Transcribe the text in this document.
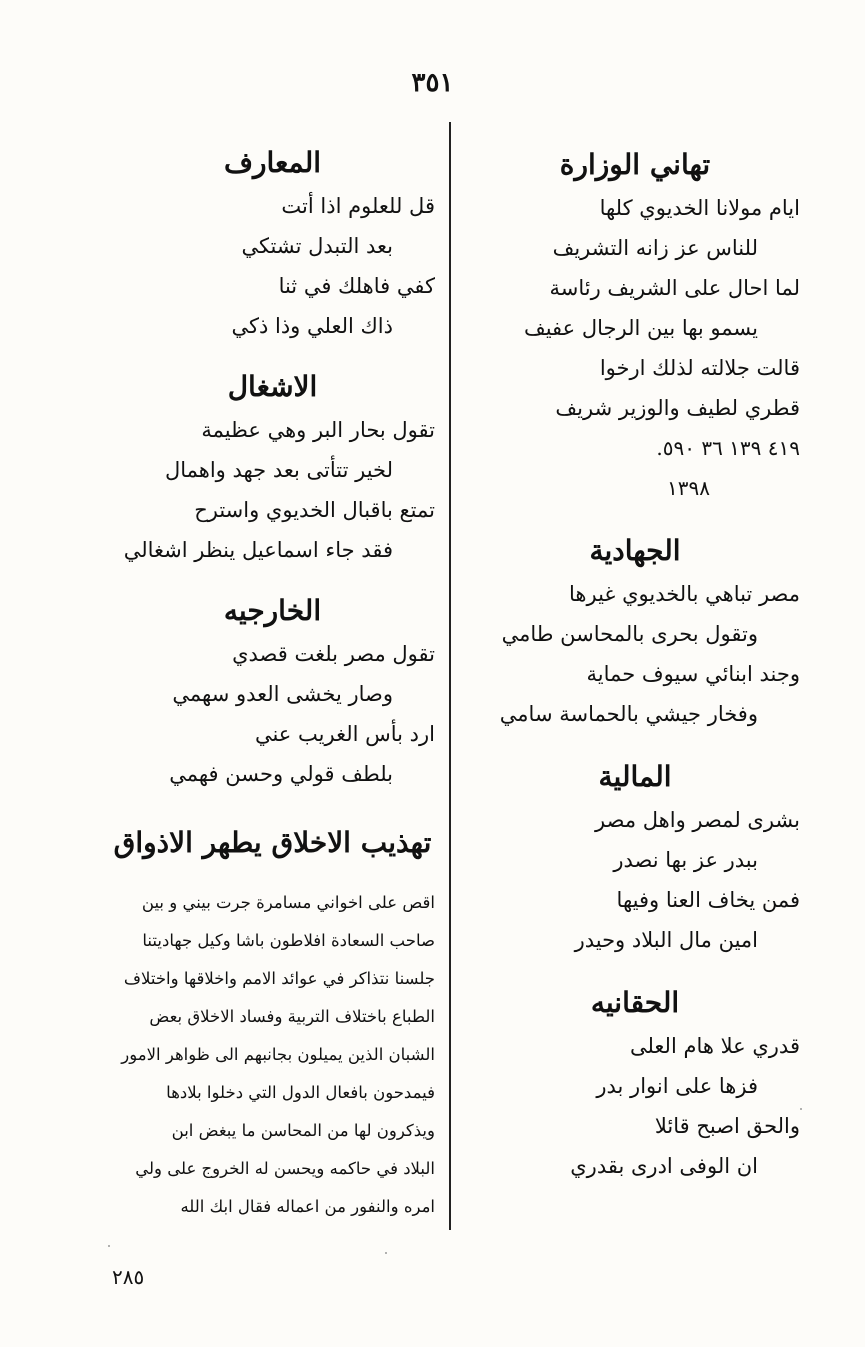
٣٥١
تهاني الوزارة
ايام مولانا الخديوي كلها
للناس عز زانه التشريف
لما احال على الشريف رئاسة
يسمو بها بين الرجال عفيف
قالت جلالته لذلك ارخوا
قطري لطيف والوزير شريف
٤١٩ ١٣٩ ٣٦ ٥٩٠.
١٣٩٨
الجهادية
مصر تباهي بالخديوي غيرها
وتقول بحرى بالمحاسن طامي
وجند ابنائي سيوف حماية
وفخار جيشي بالحماسة سامي
المالية
بشرى لمصر واهل مصر
ببدر عز بها نصدر
فمن يخاف العنا وفيها
امين مال البلاد وحيدر
الحقانيه
قدري علا هام العلى
فزها على انوار بدر
والحق اصبح قائلا
ان الوفى ادرى بقدري
المعارف
قل للعلوم اذا أتت
بعد التبدل تشتكي
كفي فاهلك في ثنا
ذاك العلي وذا ذكي
الاشغال
تقول بحار البر وهي عظيمة
لخير تتأتى بعد جهد واهمال
تمتع باقبال الخديوي واسترح
فقد جاء اسماعيل ينظر اشغالي
الخارجيه
تقول مصر بلغت قصدي
وصار يخشى العدو سهمي
ارد بأس الغريب عني
بلطف قولي وحسن فهمي
تهذيب الاخلاق يطهر الاذواق
اقص على اخواني مسامرة جرت بيني و بين
صاحب السعادة افلاطون باشا وكيل جهاديتنا
جلسنا نتذاكر في عوائد الامم واخلاقها واختلاف
الطباع باختلاف التربية وفساد الاخلاق بعض
الشبان الذين يميلون بجانبهم الى ظواهر الامور
فيمدحون بافعال الدول التي دخلوا بلادها
ويذكرون لها من المحاسن ما يبغض ابن
البلاد في حاكمه ويحسن له الخروج على ولي
امره والنفور من اعماله فقال ابك الله
٢٨٥
